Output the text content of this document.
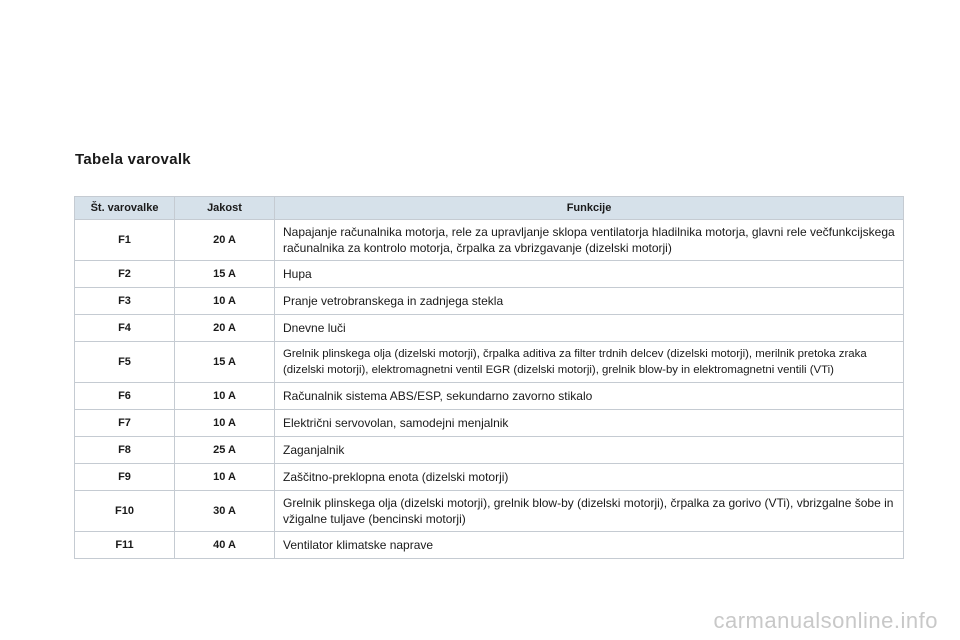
Tabela varovalk
Št. varovalke	Jakost	Funkcije
F1	20 A	Napajanje računalnika motorja, rele za upravljanje sklopa ventilatorja hladilnika motorja, glavni rele večfunkcijskega računalnika za kontrolo motorja, črpalka za vbrizgavanje (dizelski motorji)
F2	15 A	Hupa
F3	10 A	Pranje vetrobranskega in zadnjega stekla
F4	20 A	Dnevne luči
F5	15 A	Grelnik plinskega olja (dizelski motorji), črpalka aditiva za filter trdnih delcev (dizelski motorji), merilnik pretoka zraka (dizelski motorji), elektromagnetni ventil EGR (dizelski motorji), grelnik blow-by in elektromagnetni ventili (VTi)
F6	10 A	Računalnik sistema ABS/ESP, sekundarno zavorno stikalo
F7	10 A	Električni servovolan, samodejni menjalnik
F8	25 A	Zaganjalnik
F9	10 A	Zaščitno-preklopna enota (dizelski motorji)
F10	30 A	Grelnik plinskega olja (dizelski motorji), grelnik blow-by (dizelski motorji), črpalka za gorivo (VTi), vbrizgalne šobe in vžigalne tuljave (bencinski motorji)
F11	40 A	Ventilator klimatske naprave
carmanualsonline.info
